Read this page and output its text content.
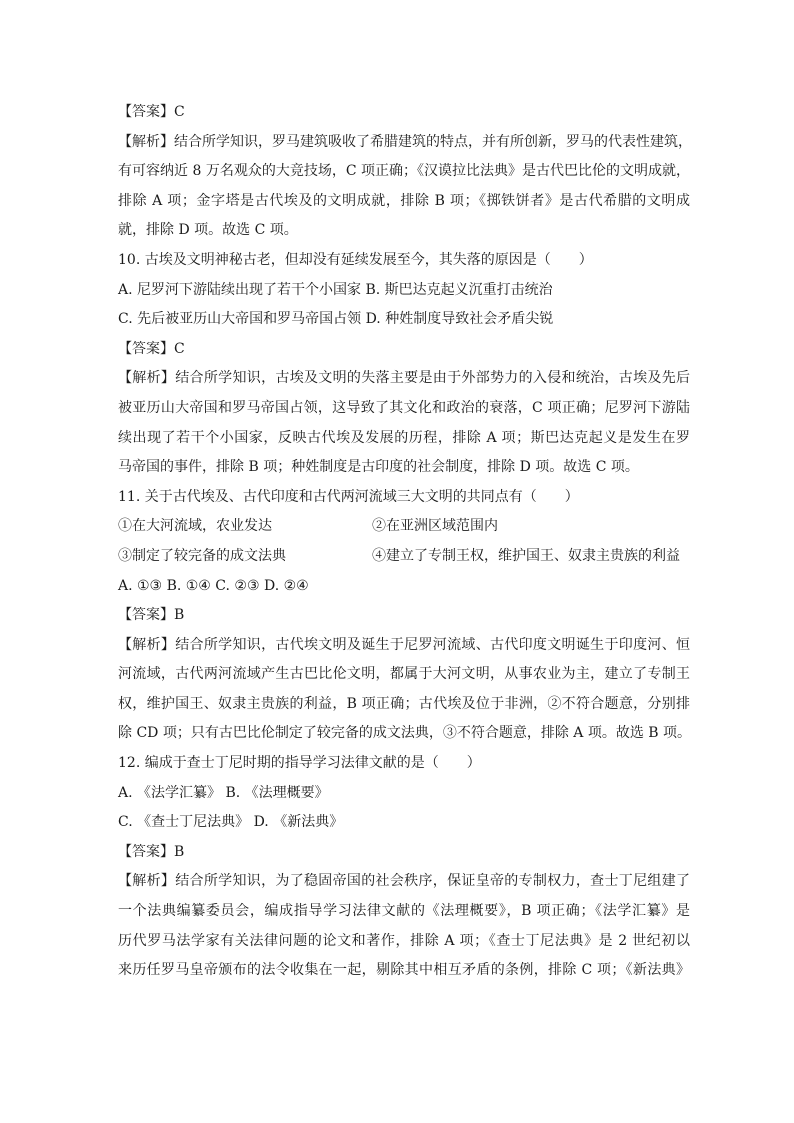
【答案】C
【解析】结合所学知识，罗马建筑吸收了希腊建筑的特点，并有所创新，罗马的代表性建筑，
有可容纳近 8 万名观众的大竞技场，C 项正确；《汉谟拉比法典》是古代巴比伦的文明成就，
排除 A 项；金字塔是古代埃及的文明成就，排除 B 项；《掷铁饼者》是古代希腊的文明成
就，排除 D 项。故选 C 项。
10. 古埃及文明神秘古老，但却没有延续发展至今，其失落的原因是（　　）
A. 尼罗河下游陆续出现了若干个小国家 B. 斯巴达克起义沉重打击统治
C. 先后被亚历山大帝国和罗马帝国占领 D. 种姓制度导致社会矛盾尖锐
【答案】C
【解析】结合所学知识，古埃及文明的失落主要是由于外部势力的入侵和统治，古埃及先后
被亚历山大帝国和罗马帝国占领，这导致了其文化和政治的衰落，C 项正确；尼罗河下游陆
续出现了若干个小国家，反映古代埃及发展的历程，排除 A 项；斯巴达克起义是发生在罗
马帝国的事件，排除 B 项；种姓制度是古印度的社会制度，排除 D 项。故选 C 项。
11. 关于古代埃及、古代印度和古代两河流域三大文明的共同点有（　　）
①在大河流域，农业发达	②在亚洲区域范围内
③制定了较完备的成文法典	④建立了专制王权，维护国王、奴隶主贵族的利益
A. ①③ B. ①④ C. ②③ D. ②④
【答案】B
【解析】结合所学知识，古代埃文明及诞生于尼罗河流域、古代印度文明诞生于印度河、恒
河流域，古代两河流域产生古巴比伦文明，都属于大河文明，从事农业为主，建立了专制王
权，维护国王、奴隶主贵族的利益，B 项正确；古代埃及位于非洲，②不符合题意，分别排
除 CD 项；只有古巴比伦制定了较完备的成文法典，③不符合题意，排除 A 项。故选 B 项。
12. 编成于查士丁尼时期的指导学习法律文献的是（　　）
A. 《法学汇纂》 B. 《法理概要》
C. 《查士丁尼法典》 D. 《新法典》
【答案】B
【解析】结合所学知识，为了稳固帝国的社会秩序，保证皇帝的专制权力，查士丁尼组建了
一个法典编纂委员会，编成指导学习法律文献的《法理概要》，B 项正确；《法学汇纂》是
历代罗马法学家有关法律问题的论文和著作，排除 A 项；《查士丁尼法典》是 2 世纪初以
来历任罗马皇帝颁布的法令收集在一起，剔除其中相互矛盾的条例，排除 C 项；《新法典》
